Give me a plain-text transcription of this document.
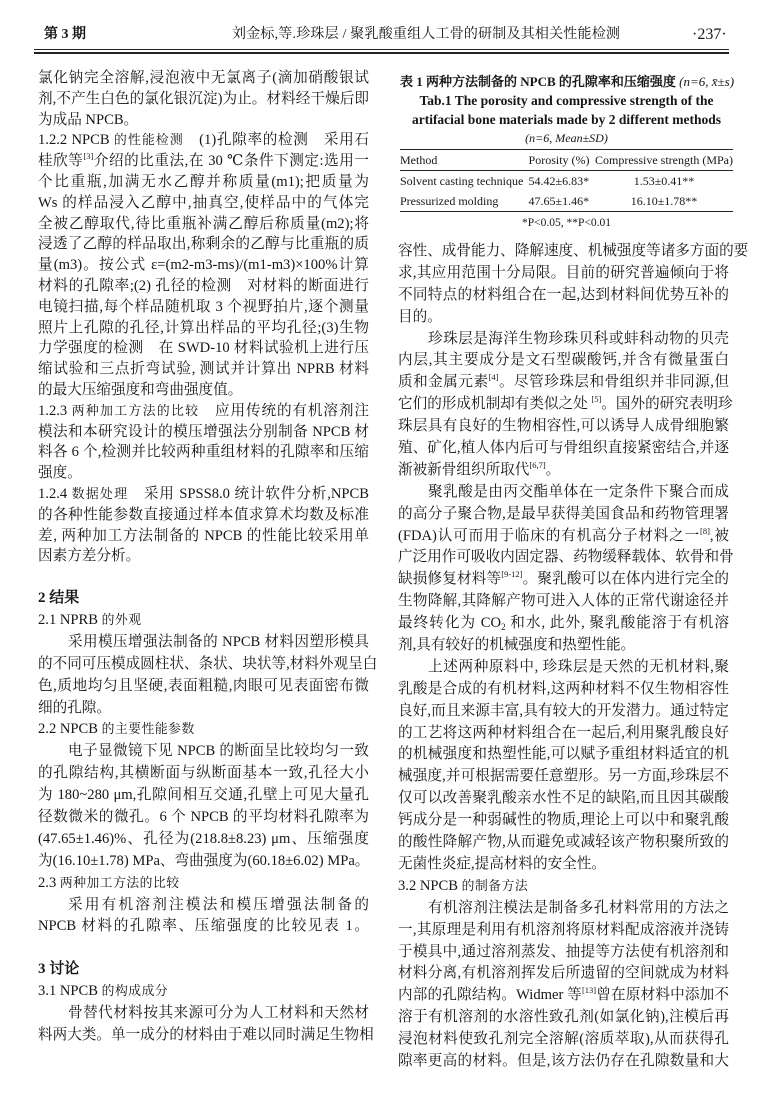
第 3 期	刘金标,等.珍珠层 / 聚乳酸重组人工骨的研制及其相关性能检测	·237·
氯化钠完全溶解,浸泡液中无氯离子(滴加硝酸银试
剂,不产生白色的氯化银沉淀)为止。材料经干燥后即
为成品 NPCB。
1.2.2 NPCB 的性能检测　(1)孔隙率的检测　采用石
桂欣等[3]介绍的比重法,在 30 ℃条件下测定:选用一
个比重瓶,加满无水乙醇并称质量(m1);把质量为
Ws 的样品浸入乙醇中,抽真空,使样品中的气体完
全被乙醇取代,待比重瓶补满乙醇后称质量(m2);将
浸透了乙醇的样品取出,称剩余的乙醇与比重瓶的质
量(m3)。按公式 ε=(m2-m3-ms)/(m1-m3)×100%计算
材料的孔隙率;(2) 孔径的检测　对材料的断面进行
电镜扫描,每个样品随机取 3 个视野拍片,逐个测量
照片上孔隙的孔径,计算出样品的平均孔径;(3)生物
力学强度的检测　在 SWD-10 材料试验机上进行压
缩试验和三点折弯试验, 测试并计算出 NPRB 材料
的最大压缩强度和弯曲强度值。
1.2.3 两种加工方法的比较　应用传统的有机溶剂注
模法和本研究设计的模压增强法分别制备 NPCB 材
料各 6 个,检测并比较两种重组材料的孔隙率和压缩
强度。
1.2.4 数据处理　采用 SPSS8.0 统计软件分析,NPCB
的各种性能参数直接通过样本值求算术均数及标准
差, 两种加工方法制备的 NPCB 的性能比较采用单
因素方差分析。
2 结果
2.1 NPRB 的外观
采用模压增强法制备的 NPCB 材料因塑形模具
的不同可压模成圆柱状、条状、块状等,材料外观呈白
色,质地均匀且坚硬,表面粗糙,肉眼可见表面密布微
细的孔隙。
2.2 NPCB 的主要性能参数
电子显微镜下见 NPCB 的断面呈比较均匀一致
的孔隙结构,其横断面与纵断面基本一致,孔径大小
为 180~280 μm,孔隙间相互交通,孔壁上可见大量孔
径数微米的微孔。6 个 NPCB 的平均材料孔隙率为
(47.65±1.46)%、孔径为(218.8±8.23) μm、压缩强度
为(16.10±1.78) MPa、弯曲强度为(60.18±6.02) MPa。
2.3 两种加工方法的比较
采用有机溶剂注模法和模压增强法制备的
NPCB 材料的孔隙率、压缩强度的比较见表 1。
3 讨论
3.1 NPCB 的构成成分
骨替代材料按其来源可分为人工材料和天然材
料两大类。单一成分的材料由于难以同时满足生物相
表 1 两种方法制备的 NPCB 的孔隙率和压缩强度 (n=6, x̄±s)
Tab.1 The porosity and compressive strength of the
artifacial bone materials made by 2 different methods
(n=6, Mean±SD)
Method	Porosity (%)	Compressive strength (MPa)
Solvent casting technique	54.42±6.83*	1.53±0.41**
Pressurized molding	47.65±1.46*	16.10±1.78**
*P<0.05, **P<0.01
容性、成骨能力、降解速度、机械强度等诸多方面的要
求,其应用范围十分局限。目前的研究普遍倾向于将
不同特点的材料组合在一起,达到材料间优势互补的
目的。
珍珠层是海洋生物珍珠贝科或蚌科动物的贝壳
内层,其主要成分是文石型碳酸钙,并含有微量蛋白
质和金属元素[4]。尽管珍珠层和骨组织并非同源,但
它们的形成机制却有类似之处 [5]。国外的研究表明珍
珠层具有良好的生物相容性,可以诱导人成骨细胞繁
殖、矿化,植人体内后可与骨组织直接紧密结合,并逐
渐被新骨组织所取代[6,7]。
聚乳酸是由丙交酯单体在一定条件下聚合而成
的高分子聚合物,是最早获得美国食品和药物管理署
(FDA)认可而用于临床的有机高分子材料之一[8],被
广泛用作可吸收内固定器、药物缓释载体、软骨和骨
缺损修复材料等[9-12]。聚乳酸可以在体内进行完全的
生物降解,其降解产物可进入人体的正常代谢途径并
最终转化为 $CO_2$ 和水, 此外, 聚乳酸能溶于有机溶
剂,具有较好的机械强度和热塑性能。
上述两种原料中, 珍珠层是天然的无机材料,聚
乳酸是合成的有机材料,这两种材料不仅生物相容性
良好,而且来源丰富,具有较大的开发潜力。通过特定
的工艺将这两种材料组合在一起后,利用聚乳酸良好
的机械强度和热塑性能,可以赋予重组材料适宜的机
械强度,并可根据需要任意塑形。另一方面,珍珠层不
仅可以改善聚乳酸亲水性不足的缺陷,而且因其碳酸
钙成分是一种弱碱性的物质,理论上可以中和聚乳酸
的酸性降解产物,从而避免或减轻该产物积聚所致的
无菌性炎症,提高材料的安全性。
3.2 NPCB 的制备方法
有机溶剂注模法是制备多孔材料常用的方法之
一,其原理是利用有机溶剂将原材料配成溶液并浇铸
于模具中,通过溶剂蒸发、抽提等方法使有机溶剂和
材料分离,有机溶剂挥发后所遗留的空间就成为材料
内部的孔隙结构。Widmer 等[13]曾在原材料中添加不
溶于有机溶剂的水溶性致孔剂(如氯化钠),注模后再
浸泡材料使致孔剂完全溶解(溶质萃取),从而获得孔
隙率更高的材料。但是,该方法仍存在孔隙数量和大
